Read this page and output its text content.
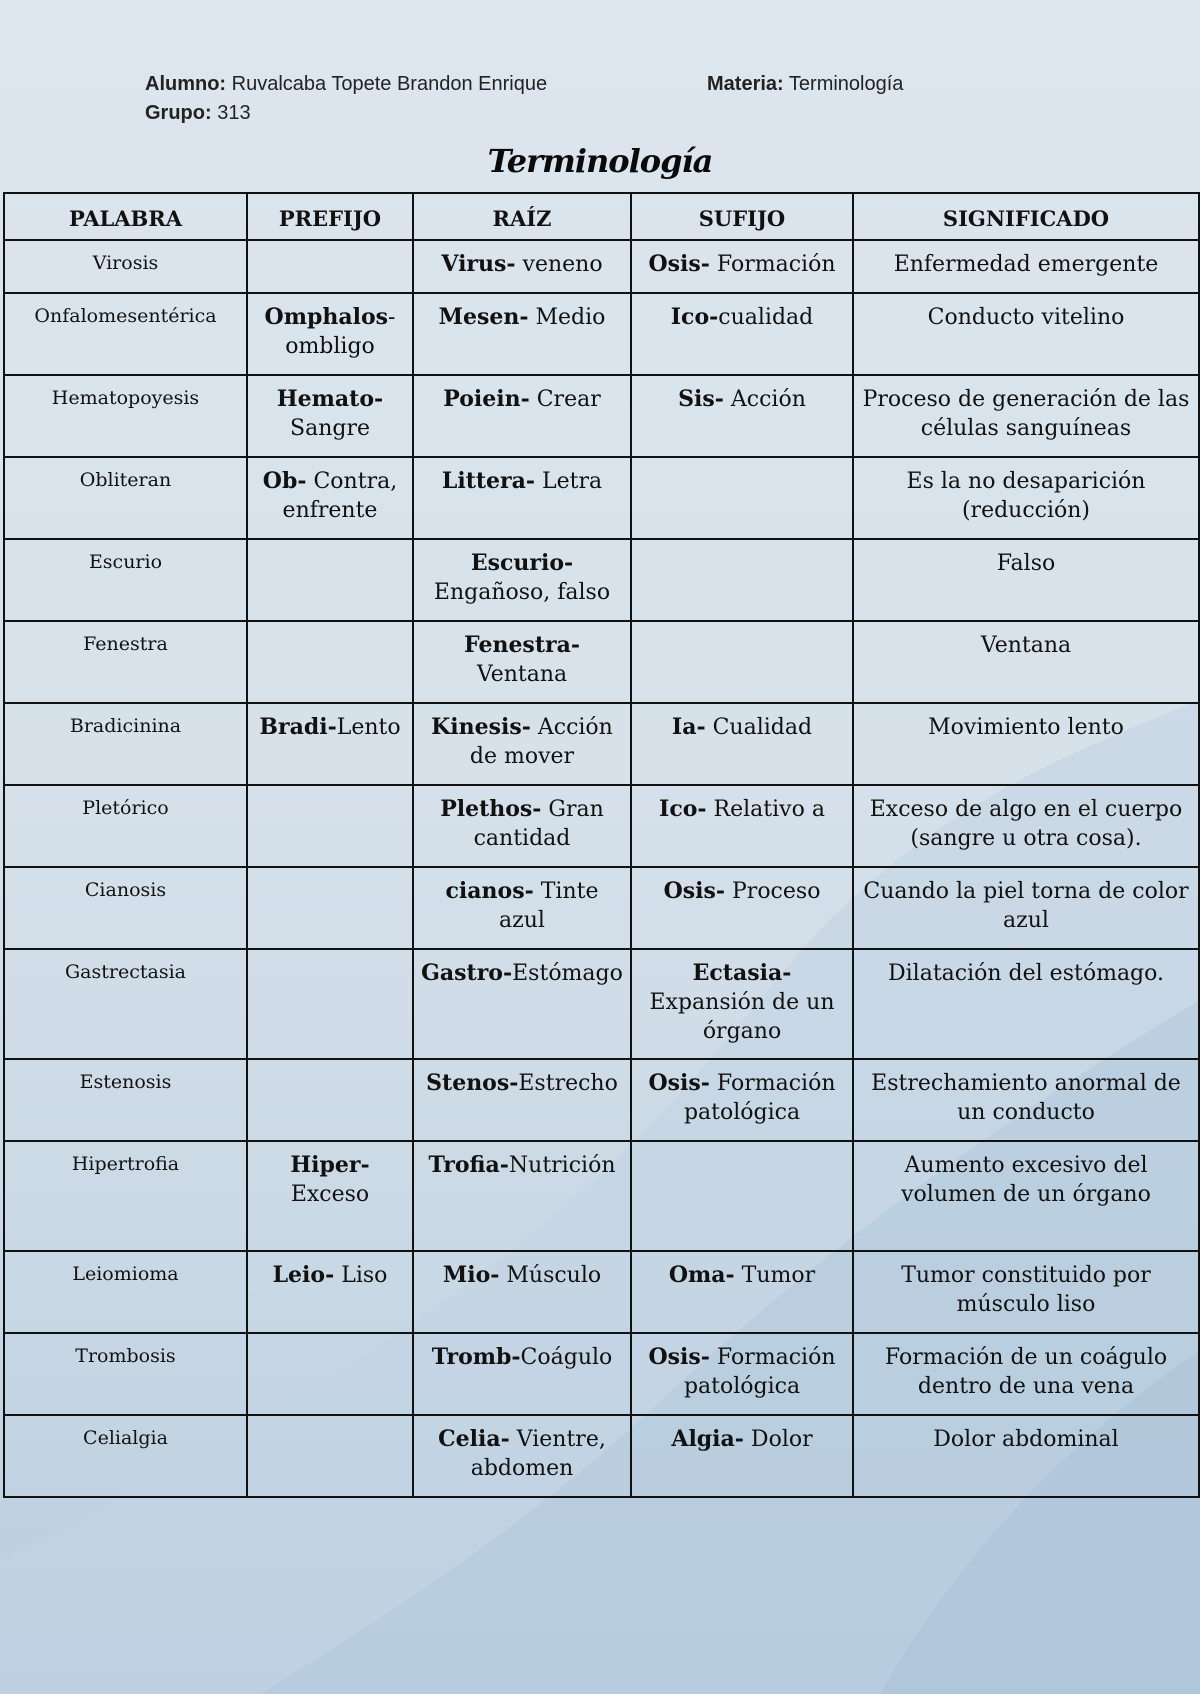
Alumno: Ruvalcaba Topete Brandon Enrique	Materia: Terminología
Grupo: 313
Terminología
PALABRA	PREFIJO	RAÍZ	SUFIJO	SIGNIFICADO
Virosis		Virus- veneno	Osis- Formación	Enfermedad emergente
Onfalomesentérica	Omphalos-ombligo	Mesen- Medio	Ico-cualidad	Conducto vitelino
Hematopoyesis	Hemato-Sangre	Poiein- Crear	Sis- Acción	Proceso de generación de las células sanguíneas
Obliteran	Ob- Contra, enfrente	Littera- Letra		Es la no desaparición (reducción)
Escurio		Escurio-Engañoso, falso		Falso
Fenestra		Fenestra-Ventana		Ventana
Bradicinina	Bradi-Lento	Kinesis- Acción de mover	Ia- Cualidad	Movimiento lento
Pletórico		Plethos- Gran cantidad	Ico- Relativo a	Exceso de algo en el cuerpo (sangre u otra cosa).
Cianosis		cianos- Tinte azul	Osis- Proceso	Cuando la piel torna de color azul
Gastrectasia		Gastro-Estómago	Ectasia-Expansión de un órgano	Dilatación del estómago.
Estenosis		Stenos-Estrecho	Osis- Formación patológica	Estrechamiento anormal de un conducto
Hipertrofia	Hiper-Exceso	Trofia-Nutrición		Aumento excesivo del volumen de un órgano
Leiomioma	Leio- Liso	Mio- Músculo	Oma- Tumor	Tumor constituido por músculo liso
Trombosis		Tromb-Coágulo	Osis- Formación patológica	Formación de un coágulo dentro de una vena
Celialgia		Celia- Vientre, abdomen	Algia- Dolor	Dolor abdominal
